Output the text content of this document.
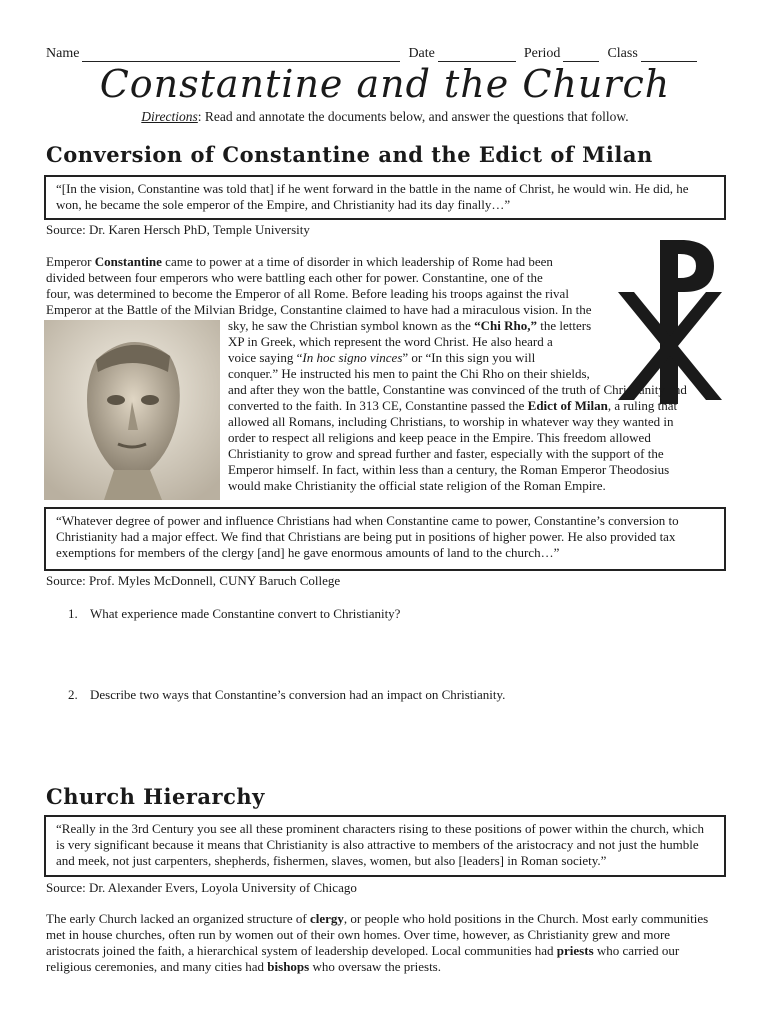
Name	Date	Period	Class
Constantine and the Church
Directions: Read and annotate the documents below, and answer the questions that follow.
Conversion of Constantine and the Edict of Milan
“[In the vision, Constantine was told that] if he went forward in the battle in the name of Christ, he would win. He did, he won, he became the sole emperor of the Empire, and Christianity had its day finally…”
Source: Dr. Karen Hersch PhD, Temple University
Emperor Constantine came to power at a time of disorder in which leadership of Rome had been
divided between four emperors who were battling each other for power. Constantine, one of the
four, was determined to become the Emperor of all Rome. Before leading his troops against the rival
Emperor at the Battle of the Milvian Bridge, Constantine claimed to have had a miraculous vision. In the
sky, he saw the Christian symbol known as the “Chi Rho,” the letters
XP in Greek, which represent the word Christ. He also heard a
voice saying “In hoc signo vinces” or “In this sign you will
conquer.” He instructed his men to paint the Chi Rho on their shields,
and after they won the battle, Constantine was convinced of the truth of Christianity and
converted to the faith. In 313 CE, Constantine passed the Edict of Milan, a ruling that
allowed all Romans, including Christians, to worship in whatever way they wanted in
order to respect all religions and keep peace in the Empire. This freedom allowed
Christianity to grow and spread further and faster, especially with the support of the
Emperor himself. In fact, within less than a century, the Roman Emperor Theodosius
would make Christianity the official state religion of the Roman Empire.
“Whatever degree of power and influence Christians had when Constantine came to power, Constantine’s conversion to Christianity had a major effect. We find that Christians are being put in positions of higher power. He also provided tax exemptions for members of the clergy [and] he gave enormous amounts of land to the church…”
Source: Prof. Myles McDonnell, CUNY Baruch College
1. What experience made Constantine convert to Christianity?
2. Describe two ways that Constantine’s conversion had an impact on Christianity.
Church Hierarchy
“Really in the 3rd Century you see all these prominent characters rising to these positions of power within the church, which is very significant because it means that Christianity is also attractive to members of the aristocracy and not just the humble and meek, not just carpenters, shepherds, fishermen, slaves, women, but also [leaders] in Roman society.”
Source: Dr. Alexander Evers, Loyola University of Chicago
The early Church lacked an organized structure of clergy, or people who hold positions in the Church. Most early communities met in house churches, often run by women out of their own homes. Over time, however, as Christianity grew and more aristocrats joined the faith, a hierarchical system of leadership developed. Local communities had priests who carried our religious ceremonies, and many cities had bishops who oversaw the priests.
